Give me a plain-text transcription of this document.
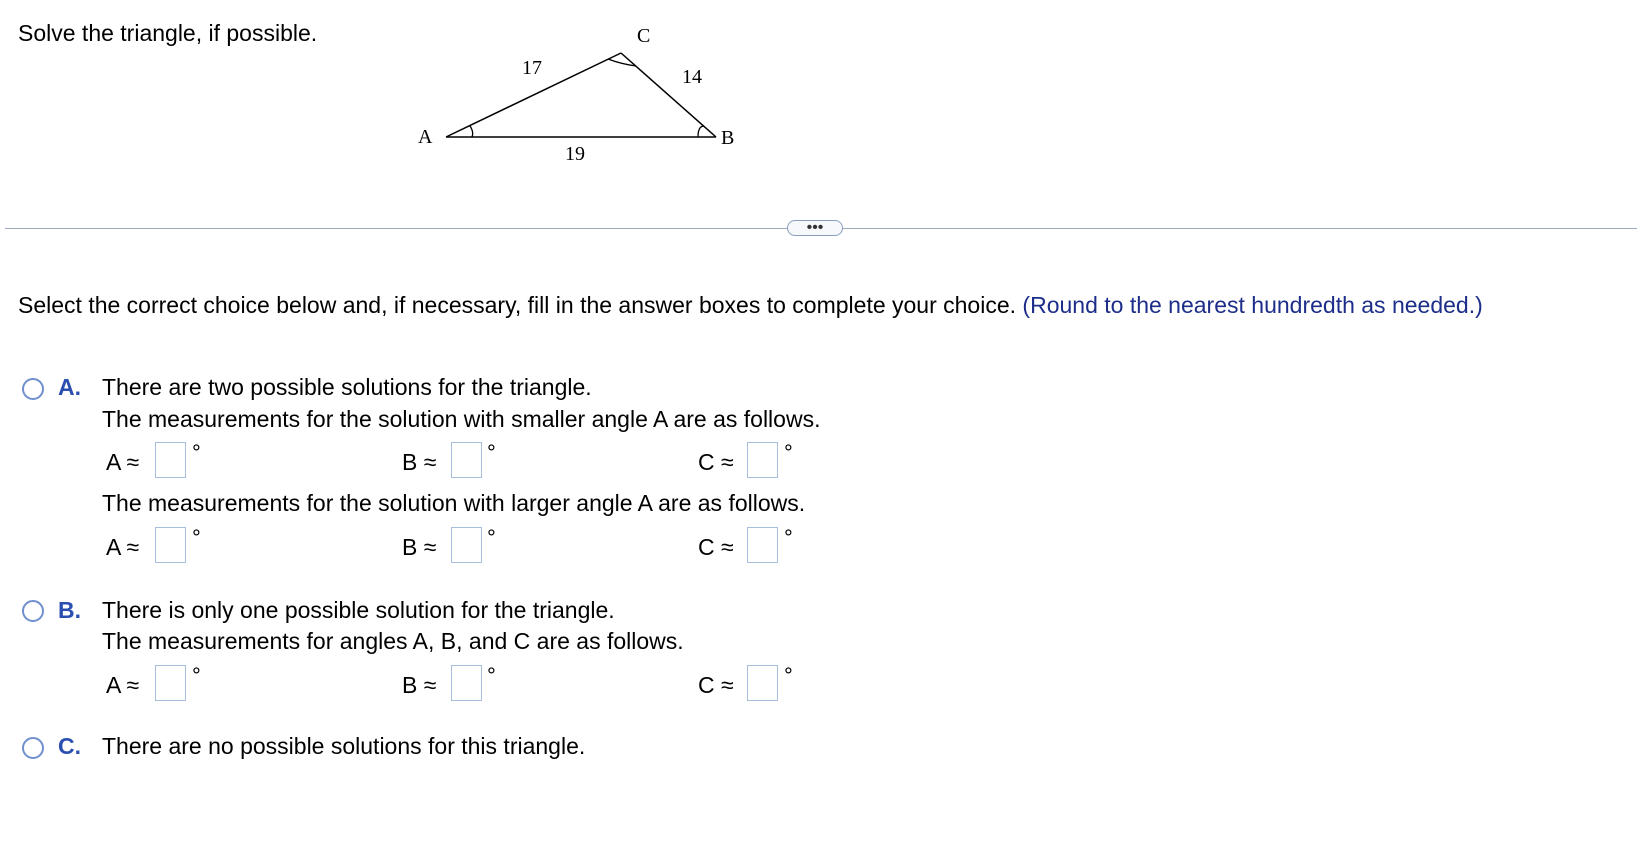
Solve the triangle, if possible.
A	B
C
17	14
19
•••
Select the correct choice below and, if necessary, fill in the answer boxes to complete your choice. (Round to the nearest hundredth as needed.)
A. There are two possible solutions for the triangle.
The measurements for the solution with smaller angle A are as follows.
A ≈	°	B ≈	°	C ≈	°
The measurements for the solution with larger angle A are as follows.
A ≈	°	B ≈	°	C ≈	°
B. There is only one possible solution for the triangle.
The measurements for angles A, B, and C are as follows.
A ≈	°	B ≈	°	C ≈	°
C. There are no possible solutions for this triangle.
